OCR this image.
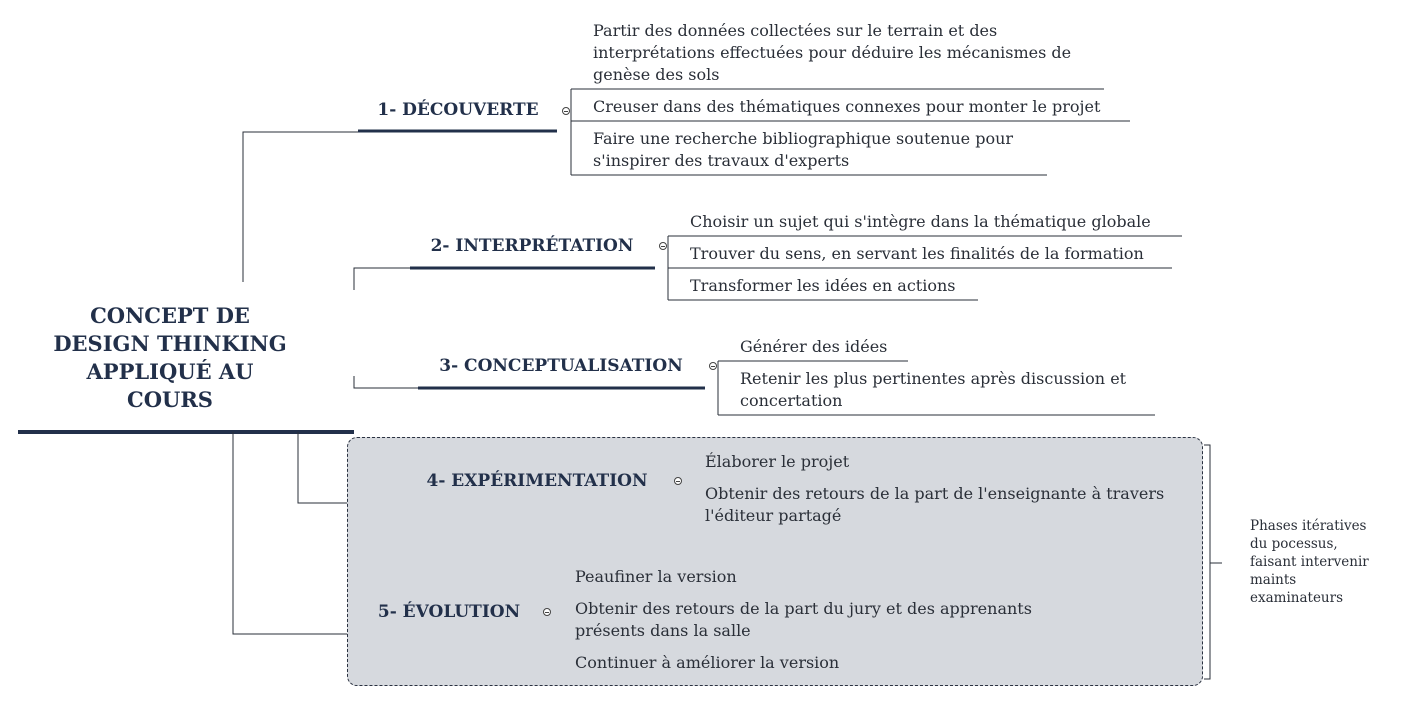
CONCEPT DE
DESIGN THINKING
APPLIQUÉ AU
COURS
1- DÉCOUVERTE
2- INTERPRÉTATION
3- CONCEPTUALISATION
4- EXPÉRIMENTATION
5- ÉVOLUTION
Partir des données collectées sur le terrain et des
interprétations effectuées pour déduire les mécanismes de
genèse des sols
Creuser dans des thématiques connexes pour monter le projet
Faire une recherche bibliographique soutenue pour
s'inspirer des travaux d'experts
Choisir un sujet qui s'intègre dans la thématique globale
Trouver du sens, en servant les finalités de la formation
Transformer les idées en actions
Générer des idées
Retenir les plus pertinentes après discussion et
concertation
Élaborer le projet
Obtenir des retours de la part de l'enseignante à travers
l'éditeur partagé
Peaufiner la version
Obtenir des retours de la part du jury et des apprenants
présents dans la salle
Continuer à améliorer la version
Phases itératives
du pocessus,
faisant intervenir
maints
examinateurs
